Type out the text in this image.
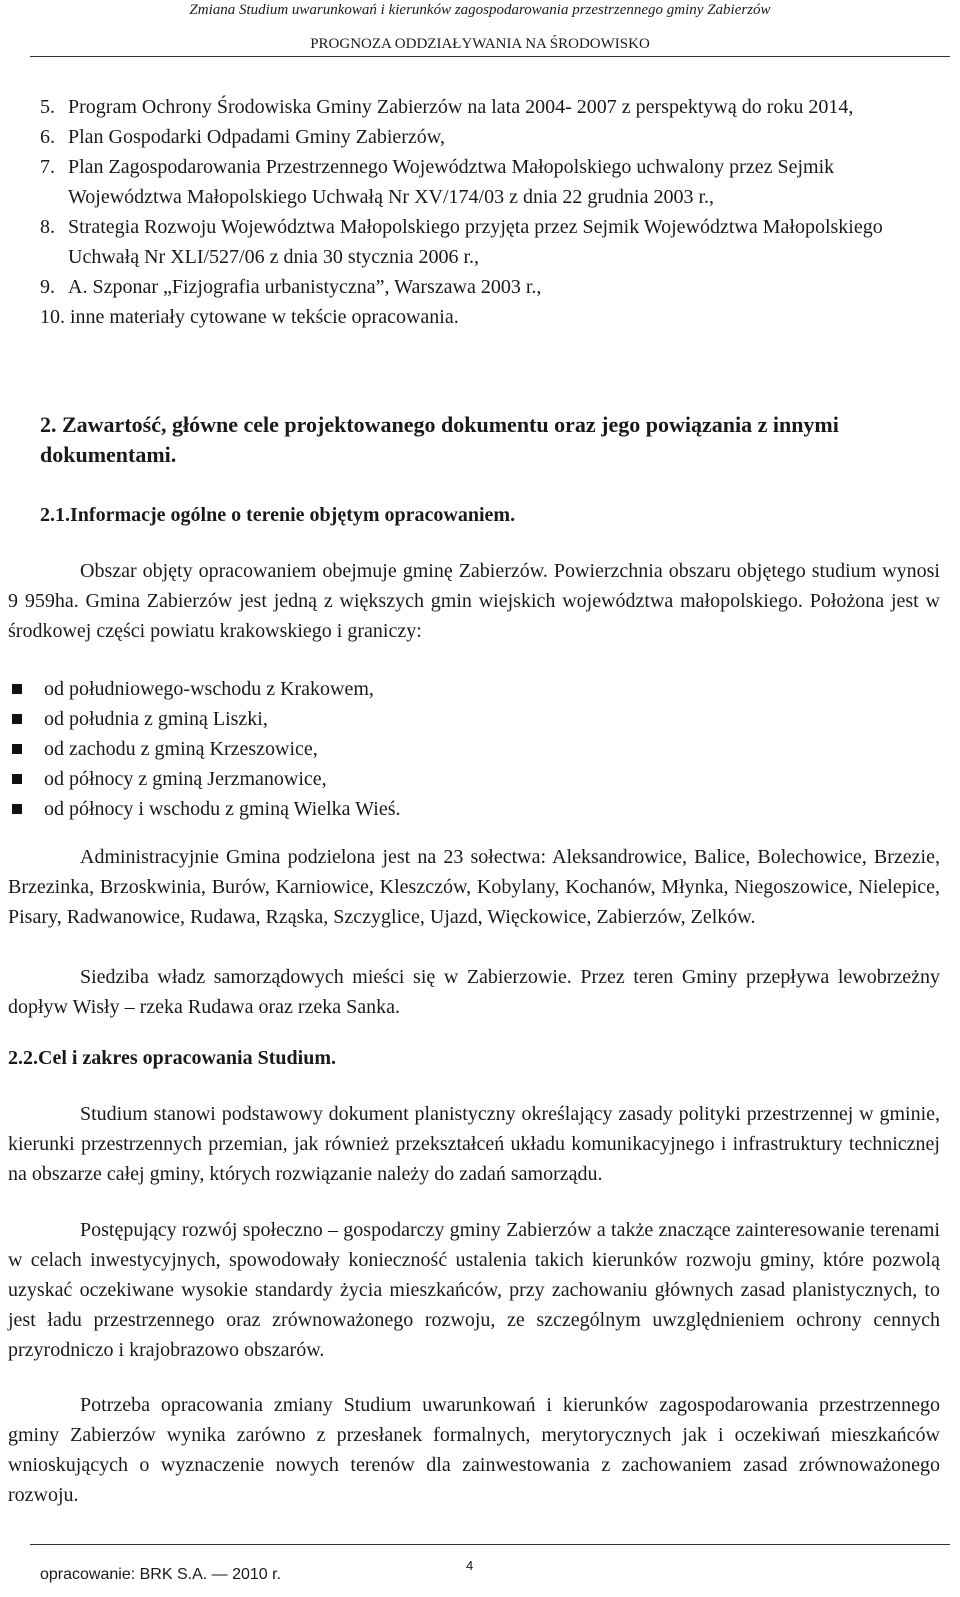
Zmiana Studium uwarunkowań i kierunków zagospodarowania przestrzennego gminy Zabierzów
PROGNOZA ODDZIAŁYWANIA NA ŚRODOWISKO
5. Program Ochrony Środowiska Gminy Zabierzów na lata 2004- 2007 z perspektywą do roku 2014,
6. Plan Gospodarki Odpadami Gminy Zabierzów,
7. Plan Zagospodarowania Przestrzennego Województwa Małopolskiego uchwalony przez Sejmik Województwa Małopolskiego Uchwałą Nr XV/174/03 z dnia 22 grudnia 2003 r.,
8. Strategia Rozwoju Województwa Małopolskiego przyjęta przez Sejmik Województwa Małopolskiego Uchwałą Nr XLI/527/06 z dnia 30 stycznia 2006 r.,
9. A. Szponar „Fizjografia urbanistyczna”, Warszawa 2003 r.,
10. inne materiały cytowane w tekście opracowania.
2. Zawartość, główne cele projektowanego dokumentu oraz jego powiązania z innymi dokumentami.
2.1.Informacje ogólne o terenie objętym opracowaniem.
Obszar objęty opracowaniem obejmuje gminę Zabierzów. Powierzchnia obszaru objętego studium wynosi 9 959ha. Gmina Zabierzów jest jedną z większych gmin wiejskich województwa małopolskiego. Położona jest w środkowej części powiatu krakowskiego i graniczy:
od południowego-wschodu z Krakowem,
od południa z gminą Liszki,
od zachodu z gminą Krzeszowice,
od północy z gminą Jerzmanowice,
od północy i wschodu z gminą Wielka Wieś.
Administracyjnie Gmina podzielona jest na 23 sołectwa: Aleksandrowice, Balice, Bolechowice, Brzezie, Brzezinka, Brzoskwinia, Burów, Karniowice, Kleszczów, Kobylany, Kochanów, Młynka, Niegoszowice, Nielepice, Pisary, Radwanowice, Rudawa, Rząska, Szczyglice, Ujazd, Więckowice, Zabierzów, Zelków.
Siedziba władz samorządowych mieści się w Zabierzowie. Przez teren Gminy przepływa lewobrzeżny dopływ Wisły – rzeka Rudawa oraz rzeka Sanka.
2.2.Cel i zakres opracowania Studium.
Studium stanowi podstawowy dokument planistyczny określający zasady polityki przestrzennej w gminie, kierunki przestrzennych przemian, jak również przekształceń układu komunikacyjnego i infrastruktury technicznej na obszarze całej gminy, których rozwiązanie należy do zadań samorządu.
Postępujący rozwój społeczno – gospodarczy gminy Zabierzów a także znaczące zainteresowanie terenami w celach inwestycyjnych, spowodowały konieczność ustalenia takich kierunków rozwoju gminy, które pozwolą uzyskać oczekiwane wysokie standardy życia mieszkańców, przy zachowaniu głównych zasad planistycznych, to jest ładu przestrzennego oraz zrównoważonego rozwoju, ze szczególnym uwzględnieniem ochrony cennych przyrodniczo i krajobrazowo obszarów.
Potrzeba opracowania zmiany Studium uwarunkowań i kierunków zagospodarowania przestrzennego gminy Zabierzów wynika zarówno z przesłanek formalnych, merytorycznych jak i oczekiwań mieszkańców wnioskujących o wyznaczenie nowych terenów dla zainwestowania z zachowaniem zasad zrównoważonego rozwoju.
opracowanie: BRK S.A. — 2010 r.
4
